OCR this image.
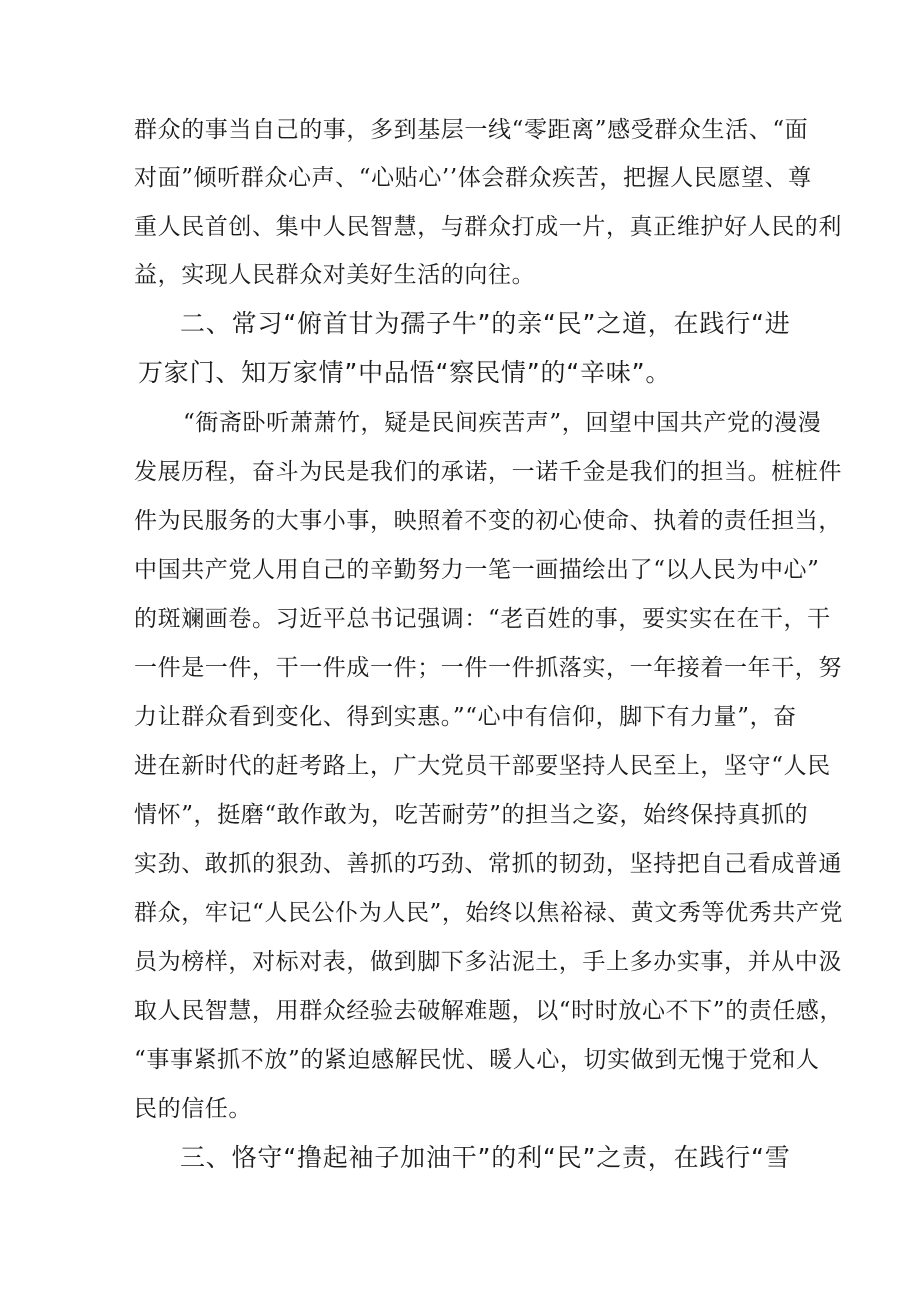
群众的事当自己的事，多到基层一线“零距离”感受群众生活、“面
对面”倾听群众心声、“心贴心’’体会群众疾苦，把握人民愿望、尊
重人民首创、集中人民智慧，与群众打成一片，真正维护好人民的利
益，实现人民群众对美好生活的向往。
二、常习“俯首甘为孺子牛”的亲“民”之道，在践行“进
万家门、知万家情”中品悟“察民情”的“辛味”。
“衙斋卧听萧萧竹，疑是民间疾苦声”，回望中国共产党的漫漫
发展历程，奋斗为民是我们的承诺，一诺千金是我们的担当。桩桩件
件为民服务的大事小事，映照着不变的初心使命、执着的责任担当，
中国共产党人用自己的辛勤努力一笔一画描绘出了“以人民为中心”
的斑斓画卷。习近平总书记强调：“老百姓的事，要实实在在干，干
一件是一件，干一件成一件；一件一件抓落实，一年接着一年干，努
力让群众看到变化、得到实惠。”“心中有信仰，脚下有力量”，奋
进在新时代的赶考路上，广大党员干部要坚持人民至上，坚守“人民
情怀”，挺磨“敢作敢为，吃苦耐劳”的担当之姿，始终保持真抓的
实劲、敢抓的狠劲、善抓的巧劲、常抓的韧劲，坚持把自己看成普通
群众，牢记“人民公仆为人民”，始终以焦裕禄、黄文秀等优秀共产党
员为榜样，对标对表，做到脚下多沾泥土，手上多办实事，并从中汲
取人民智慧，用群众经验去破解难题，以“时时放心不下”的责任感，
“事事紧抓不放”的紧迫感解民忧、暖人心，切实做到无愧于党和人
民的信任。
三、恪守“撸起袖子加油干”的利“民”之责，在践行“雪
